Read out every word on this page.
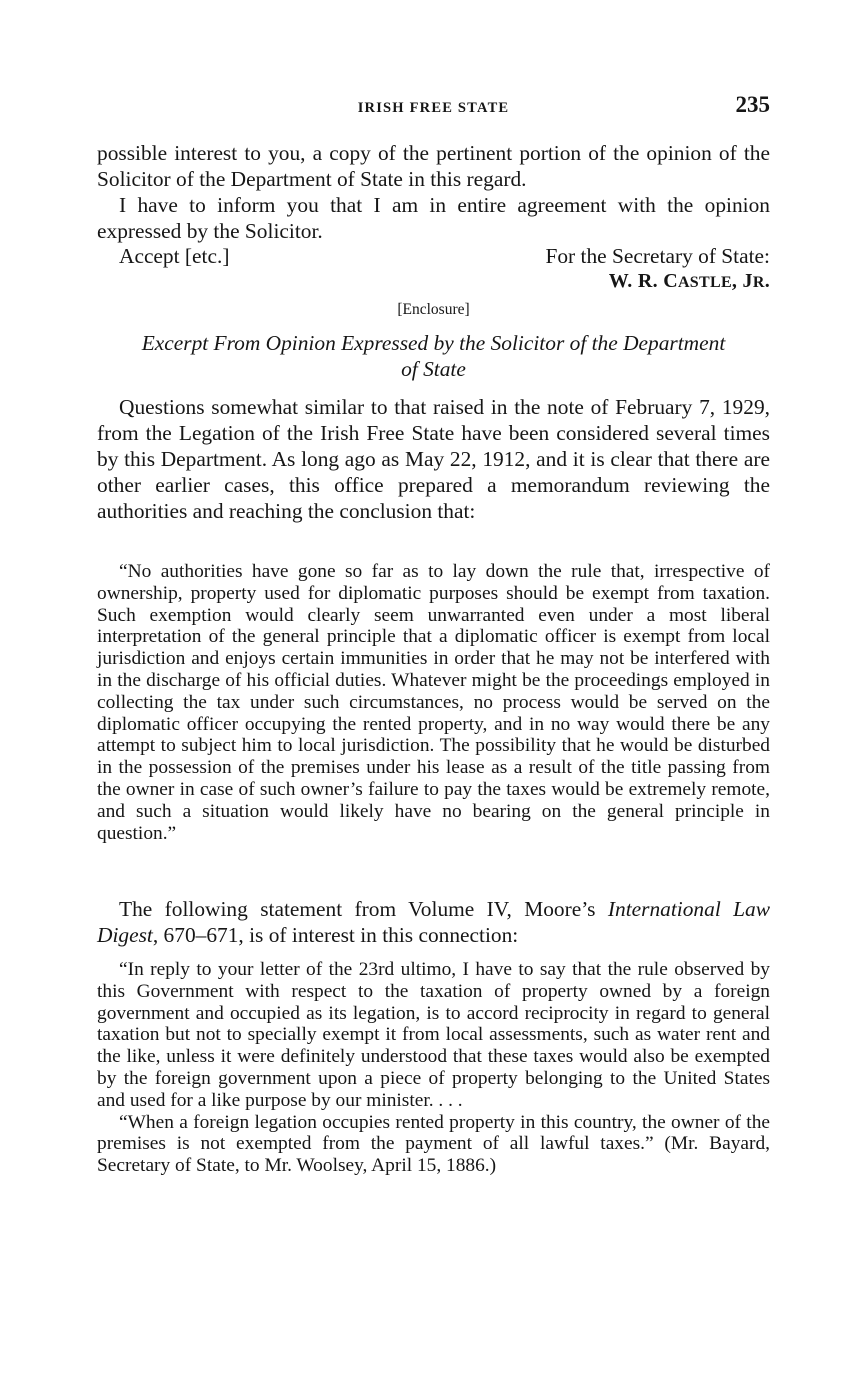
IRISH FREE STATE	235

possible interest to you, a copy of the pertinent portion of the opinion of the Solicitor of the Department of State in this regard.

I have to inform you that I am in entire agreement with the opinion expressed by the Solicitor.

Accept [etc.]	For the Secretary of State:
W. R. CASTLE, JR.
[Enclosure]
Excerpt From Opinion Expressed by the Solicitor of the Department
of State

Questions somewhat similar to that raised in the note of February 7, 1929, from the Legation of the Irish Free State have been considered several times by this Department. As long ago as May 22, 1912, and it is clear that there are other earlier cases, this office prepared a memorandum reviewing the authorities and reaching the conclusion that:

“No authorities have gone so far as to lay down the rule that, irrespective of ownership, property used for diplomatic purposes should be exempt from taxation. Such exemption would clearly seem unwarranted even under a most liberal interpretation of the general principle that a diplomatic officer is exempt from local jurisdiction and enjoys certain immunities in order that he may not be interfered with in the discharge of his official duties. Whatever might be the proceedings employed in collecting the tax under such circumstances, no process would be served on the diplomatic officer occupying the rented property, and in no way would there be any attempt to subject him to local jurisdiction. The possibility that he would be disturbed in the possession of the premises under his lease as a result of the title passing from the owner in case of such owner’s failure to pay the taxes would be extremely remote, and such a situation would likely have no bearing on the general principle in question.”

The following statement from Volume IV, Moore’s International Law Digest, 670–671, is of interest in this connection:

“In reply to your letter of the 23rd ultimo, I have to say that the rule observed by this Government with respect to the taxation of property owned by a foreign government and occupied as its legation, is to accord reciprocity in regard to general taxation but not to specially exempt it from local assessments, such as water rent and the like, unless it were definitely understood that these taxes would also be exempted by the foreign government upon a piece of property belonging to the United States and used for a like purpose by our minister. . . .

“When a foreign legation occupies rented property in this country, the owner of the premises is not exempted from the payment of all lawful taxes.” (Mr. Bayard, Secretary of State, to Mr. Woolsey, April 15, 1886.)
